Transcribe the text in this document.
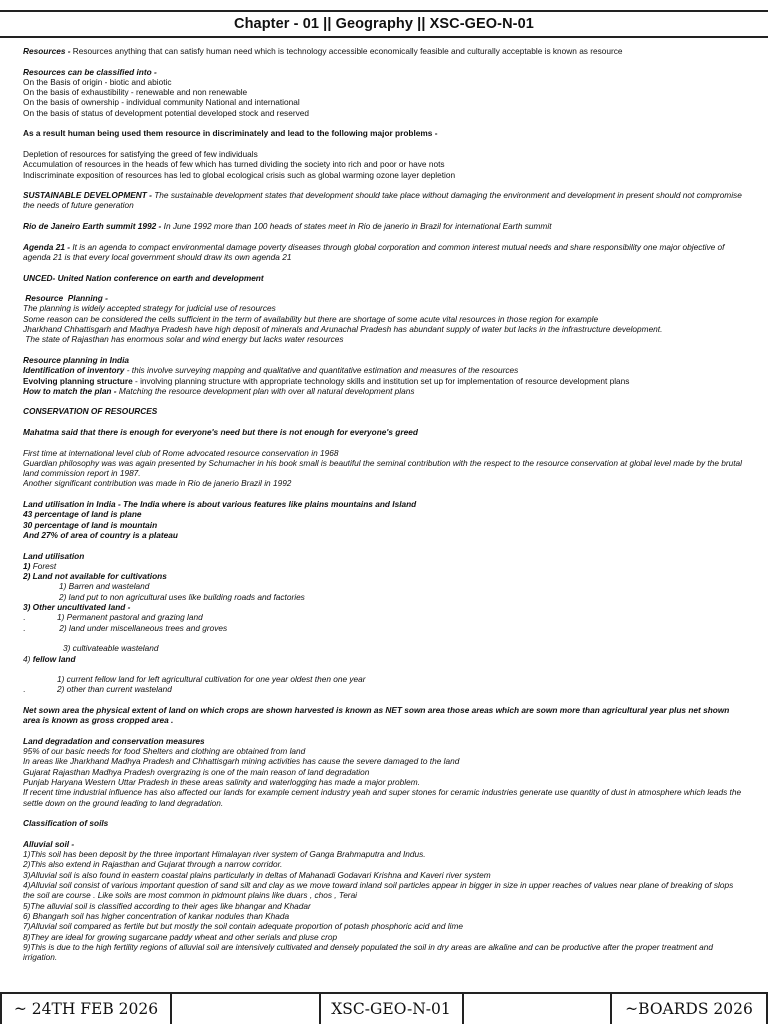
Chapter - 01 || Geography || XSC-GEO-N-01

Resources - Resources anything that can satisfy human need which is technology accessible economically feasible and culturally acceptable is known as resource

Resources can be classified into -

On the Basis of origin - biotic and abiotic

On the basis of exhaustibility - renewable and non renewable

On the basis of ownership - individual community National and international

On the basis of status of development potential developed stock and reserved

As a result human being used them resource in discriminately and lead to the following major problems -

Depletion of resources for satisfying the greed of few individuals

Accumulation of resources in the heads of few which has turned dividing the society into rich and poor or have nots

Indiscriminate exposition of resources has led to global ecological crisis such as global warming ozone layer depletion

SUSTAINABLE DEVELOPMENT - The sustainable development states that development should take place without damaging the environment and development in present should not compromise the needs of future generation

Rio de Janeiro Earth summit 1992 - In June 1992 more than 100 heads of states meet in Rio de janerio in Brazil for international Earth summit

Agenda 21 - It is an agenda to compact environmental damage poverty diseases through global corporation and common interest mutual needs and share responsibility one major objective of agenda 21 is that every local government should draw its own agenda 21

UNCED- United Nation conference on earth and development

Resource  Planning -

The planning is widely accepted strategy for judicial use of resources

Some reason can be considered the cells sufficient in the term of availability but there are shortage of some acute vital resources in those region for example

Jharkhand Chhattisgarh and Madhya Pradesh have high deposit of minerals and Arunachal Pradesh has abundant supply of water but lacks in the infrastructure development.

The state of Rajasthan has enormous solar and wind energy but lacks water resources

Resource planning in India

Identification of inventory - this involve surveying mapping and qualitative and quantitative estimation and measures of the resources

Evolving planning structure - involving planning structure with appropriate technology skills and institution set up for implementation of resource development plans

How to match the plan - Matching the resource development plan with over all natural development plans

CONSERVATION OF RESOURCES

Mahatma said that there is enough for everyone's need but there is not enough for everyone's greed

First time at international level club of Rome advocated resource conservation in 1968

Guardian philosophy was was again presented by Schumacher in his book small is beautiful the seminal contribution with the respect to the resource conservation at global level made by the brutal land commission report in 1987.

Another significant contribution was made in Rio de janerio Brazil in 1992

Land utilisation in India - The India where is about various features like plains mountains and Island

43 percentage of land is plane

30 percentage of land is mountain

And 27% of area of country is a plateau

Land utilisation

1) Forest

2) Land not available for cultivations

1) Barren and wasteland

2) land put to non agricultural uses like building roads and factories

3) Other uncultivated land -

.	1) Permanent pastoral and grazing land
.	2) land under miscellaneous trees and groves

3) cultivateable wasteland

4) fellow land

1) current fellow land for left agricultural cultivation for one year oldest then one year
.	2) other than current wasteland

Net sown area the physical extent of land on which crops are shown harvested is known as NET sown area those areas which are sown more than agricultural year plus net shown area is known as gross cropped area .

Land degradation and conservation measures

95% of our basic needs for food Shelters and clothing are obtained from land

In areas like Jharkhand Madhya Pradesh and Chhattisgarh mining activities has cause the severe damaged to the land

Gujarat Rajasthan Madhya Pradesh overgrazing is one of the main reason of land degradation

Punjab Haryana Western Uttar Pradesh in these areas salinity and waterlogging has made a major problem.

If recent time industrial influence has also affected our lands for example cement industry yeah and super stones for ceramic industries generate use quantity of dust in atmosphere which leads the settle down on the ground leading to land degradation.

Classification of soils

Alluvial soil -

1)This soil has been deposit by the three important Himalayan river system of Ganga Brahmaputra and Indus.

2)This also extend in Rajasthan and Gujarat through a narrow corridor.

3)Alluvial soil is also found in eastern coastal plains particularly in deltas of Mahanadi Godavari Krishna and Kaveri river system

4)Alluvial soil consist of various important question of sand silt and clay as we move toward inland soil particles appear in bigger in size in upper reaches of values near plane of breaking of slops the soil are course . Like soils are most common in pidmount plains like duars , chos , Terai

5)The alluvial soil is classified according to their ages like bhangar and Khadar

6) Bhangarh soil has higher concentration of kankar nodules than Khada

7)Alluvial soil compared as fertile but but mostly the soil contain adequate proportion of potash phosphoric acid and lime

8)They are ideal for growing sugarcane paddy wheat and other serials and pluse crop

9)This is due to the high fertility regions of alluvial soil are intensively cultivated and densely populated the soil in dry areas are alkaline and can be productive after the proper treatment and irrigation.

~ 24TH FEB 2026	XSC-GEO-N-01	~BOARDS 2026
